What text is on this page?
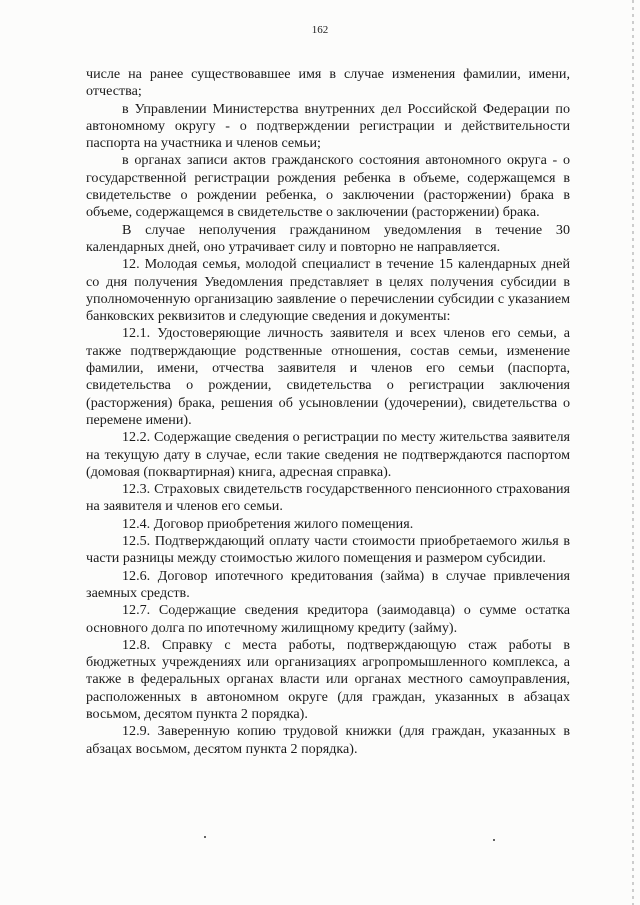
162

числе на ранее существовавшее имя в случае изменения фамилии, имени, отчества;

в Управлении Министерства внутренних дел Российской Федерации по автономному округу - о подтверждении регистрации и действительности паспорта на участника и членов семьи;

в органах записи актов гражданского состояния автономного округа - о государственной регистрации рождения ребенка в объеме, содержащемся в свидетельстве о рождении ребенка, о заключении (расторжении) брака в объеме, содержащемся в свидетельстве о заключении (расторжении) брака.

В случае неполучения гражданином уведомления в течение 30 календарных дней, оно утрачивает силу и повторно не направляется.

12. Молодая семья, молодой специалист в течение 15 календарных дней со дня получения Уведомления представляет в целях получения субсидии в уполномоченную организацию заявление о перечислении субсидии с указанием банковских реквизитов и следующие сведения и документы:

12.1. Удостоверяющие личность заявителя и всех членов его семьи, а также подтверждающие родственные отношения, состав семьи, изменение фамилии, имени, отчества заявителя и членов его семьи (паспорта, свидетельства о рождении, свидетельства о регистрации заключения (расторжения) брака, решения об усыновлении (удочерении), свидетельства о перемене имени).

12.2. Содержащие сведения о регистрации по месту жительства заявителя на текущую дату в случае, если такие сведения не подтверждаются паспортом (домовая (поквартирная) книга, адресная справка).

12.3. Страховых свидетельств государственного пенсионного страхования на заявителя и членов его семьи.

12.4. Договор приобретения жилого помещения.

12.5. Подтверждающий оплату части стоимости приобретаемого жилья в части разницы между стоимостью жилого помещения и размером субсидии.

12.6. Договор ипотечного кредитования (займа) в случае привлечения заемных средств.

12.7. Содержащие сведения кредитора (заимодавца) о сумме остатка основного долга по ипотечному жилищному кредиту (займу).

12.8. Справку с места работы, подтверждающую стаж работы в бюджетных учреждениях или организациях агропромышленного комплекса, а также в федеральных органах власти или органах местного самоуправления, расположенных в автономном округе (для граждан, указанных в абзацах восьмом, десятом пункта 2 порядка).

12.9. Заверенную копию трудовой книжки (для граждан, указанных в абзацах восьмом, десятом пункта 2 порядка).
